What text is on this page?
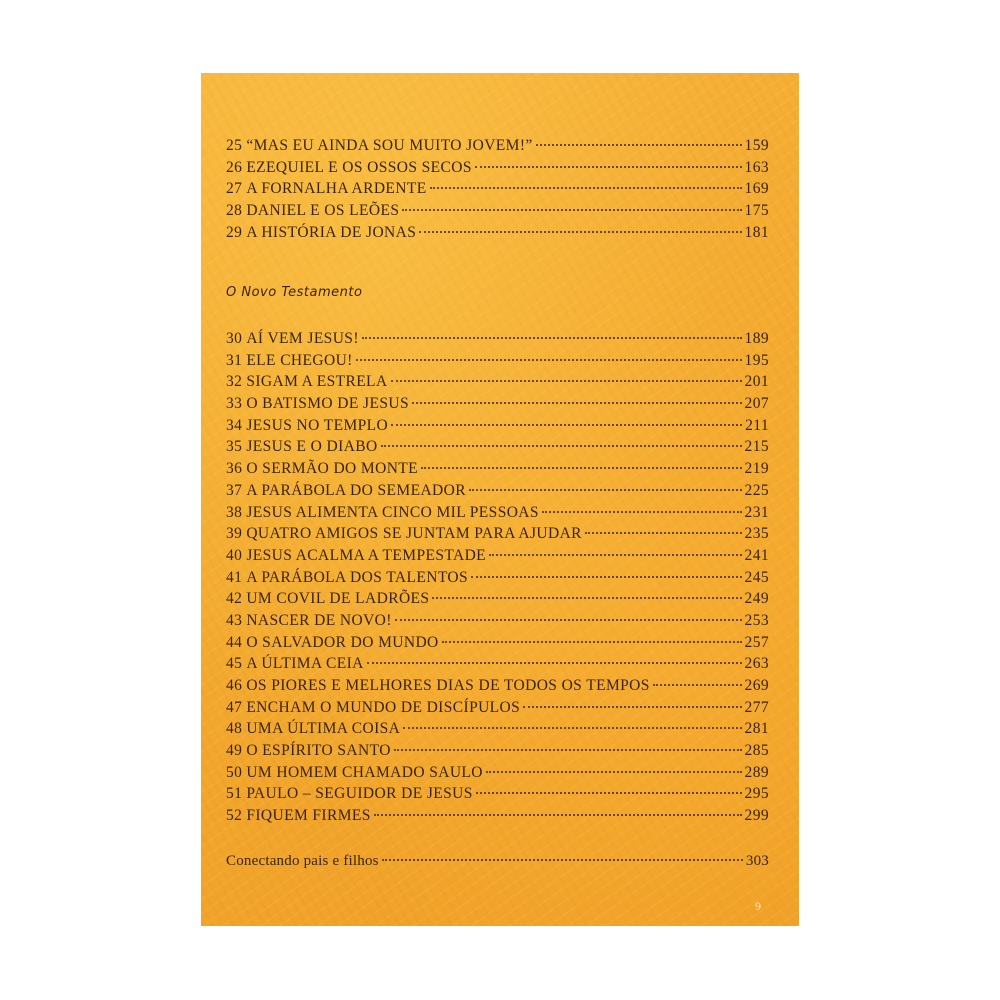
25 “MAS EU AINDA SOU MUITO JOVEM!”	159
26 EZEQUIEL E OS OSSOS SECOS	163
27 A FORNALHA ARDENTE	169
28 DANIEL E OS LEÕES	175
29 A HISTÓRIA DE JONAS	181
O Novo Testamento
30 AÍ VEM JESUS!	189
31 ELE CHEGOU!	195
32 SIGAM A ESTRELA	201
33 O BATISMO DE JESUS	207
34 JESUS NO TEMPLO	211
35 JESUS E O DIABO	215
36 O SERMÃO DO MONTE	219
37 A PARÁBOLA DO SEMEADOR	225
38 JESUS ALIMENTA CINCO MIL PESSOAS	231
39 QUATRO AMIGOS SE JUNTAM PARA AJUDAR	235
40 JESUS ACALMA A TEMPESTADE	241
41 A PARÁBOLA DOS TALENTOS	245
42 UM COVIL DE LADRÕES	249
43 NASCER DE NOVO!	253
44 O SALVADOR DO MUNDO	257
45 A ÚLTIMA CEIA	263
46 OS PIORES E MELHORES DIAS DE TODOS OS TEMPOS	269
47 ENCHAM O MUNDO DE DISCÍPULOS	277
48 UMA ÚLTIMA COISA	281
49 O ESPÍRITO SANTO	285
50 UM HOMEM CHAMADO SAULO	289
51 PAULO – SEGUIDOR DE JESUS	295
52 FIQUEM FIRMES	299
Conectando pais e filhos	303
9
